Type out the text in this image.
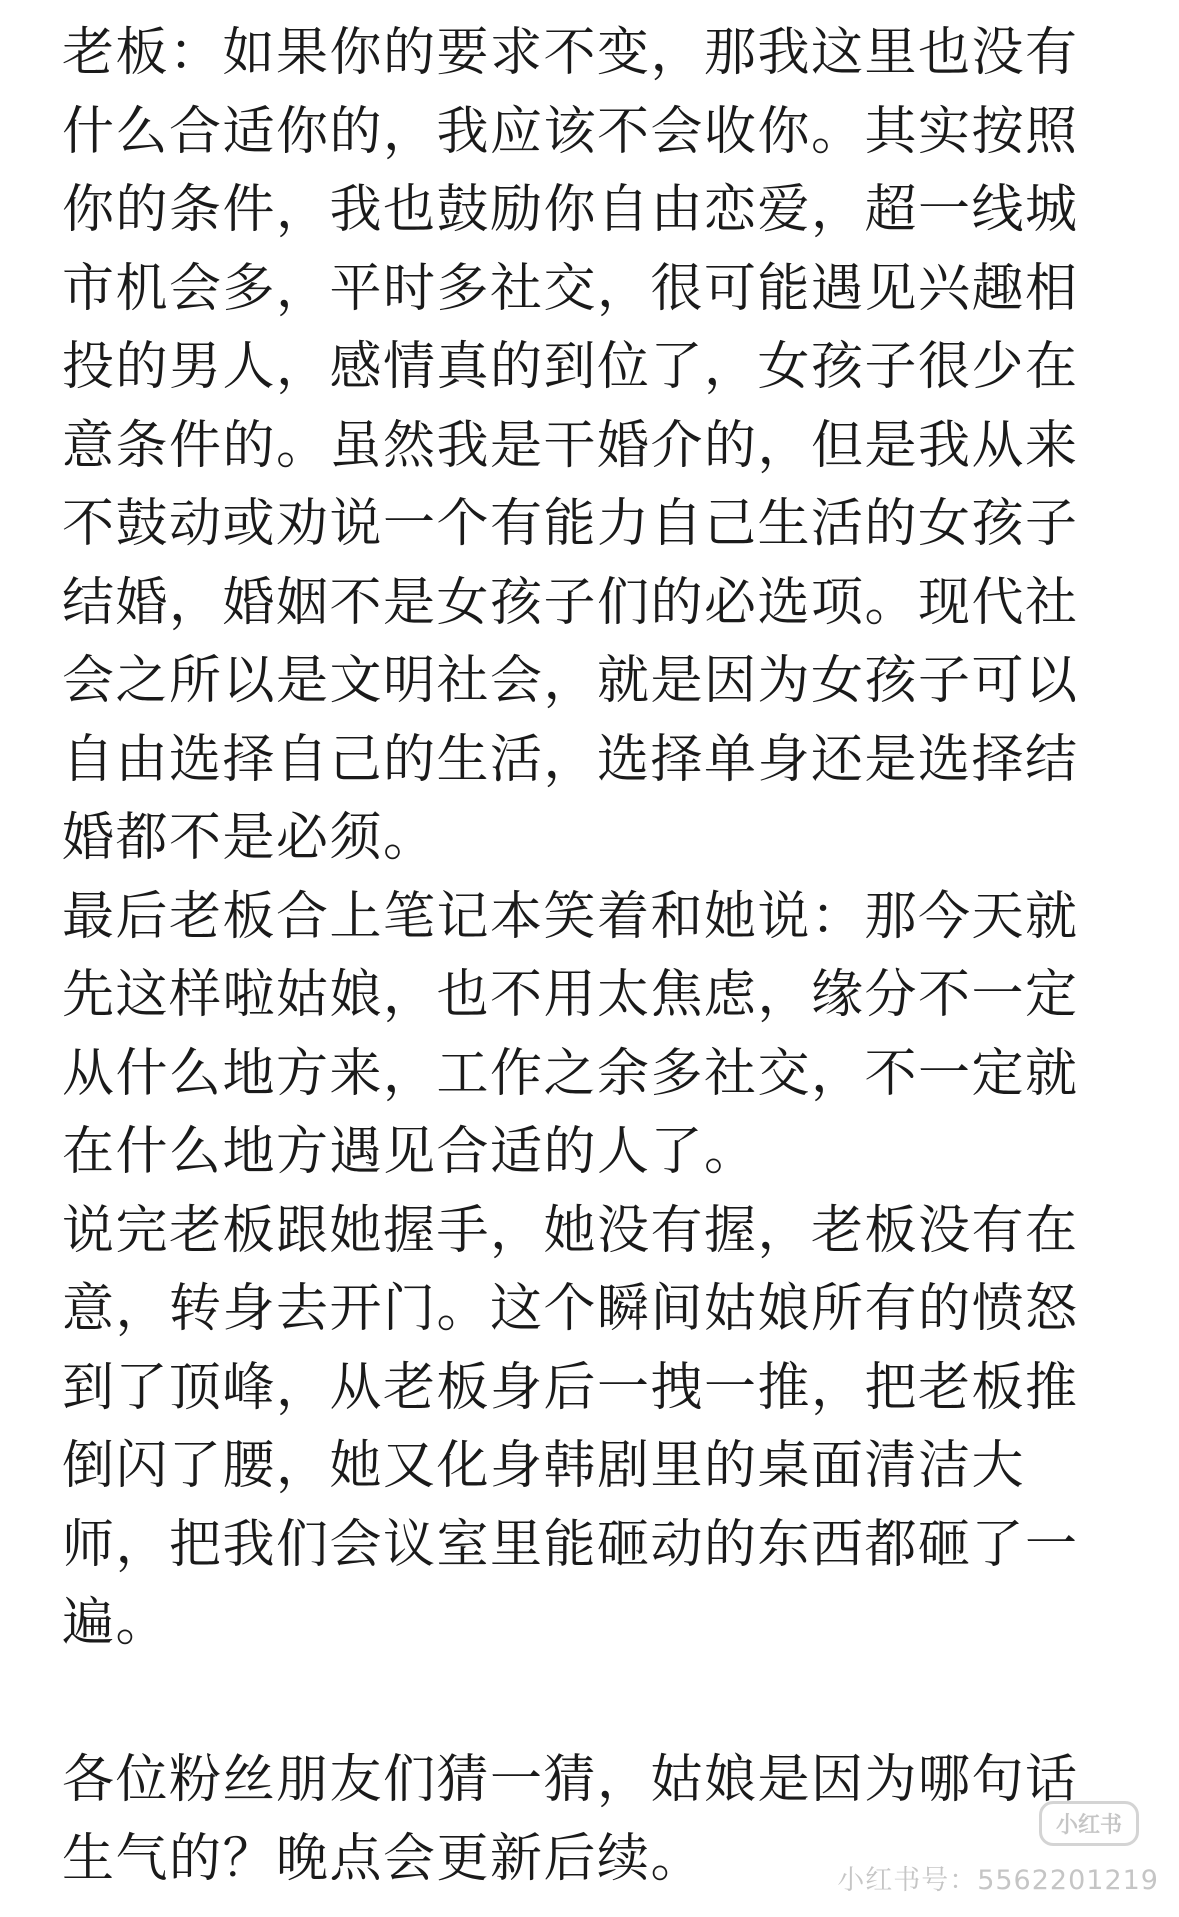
老板：如果你的要求不变，那我这里也没有
什么合适你的，我应该不会收你。其实按照
你的条件，我也鼓励你自由恋爱，超一线城
市机会多，平时多社交，很可能遇见兴趣相
投的男人，感情真的到位了，女孩子很少在
意条件的。虽然我是干婚介的，但是我从来
不鼓动或劝说一个有能力自己生活的女孩子
结婚，婚姻不是女孩子们的必选项。现代社
会之所以是文明社会，就是因为女孩子可以
自由选择自己的生活，选择单身还是选择结
婚都不是必须。
最后老板合上笔记本笑着和她说：那今天就
先这样啦姑娘，也不用太焦虑，缘分不一定
从什么地方来，工作之余多社交，不一定就
在什么地方遇见合适的人了。
说完老板跟她握手，她没有握，老板没有在
意，转身去开门。这个瞬间姑娘所有的愤怒
到了顶峰，从老板身后一拽一推，把老板推
倒闪了腰，她又化身韩剧里的桌面清洁大
师，把我们会议室里能砸动的东西都砸了一
遍。
各位粉丝朋友们猜一猜，姑娘是因为哪句话
生气的？晚点会更新后续。
小红书
小红书号：5562201219
